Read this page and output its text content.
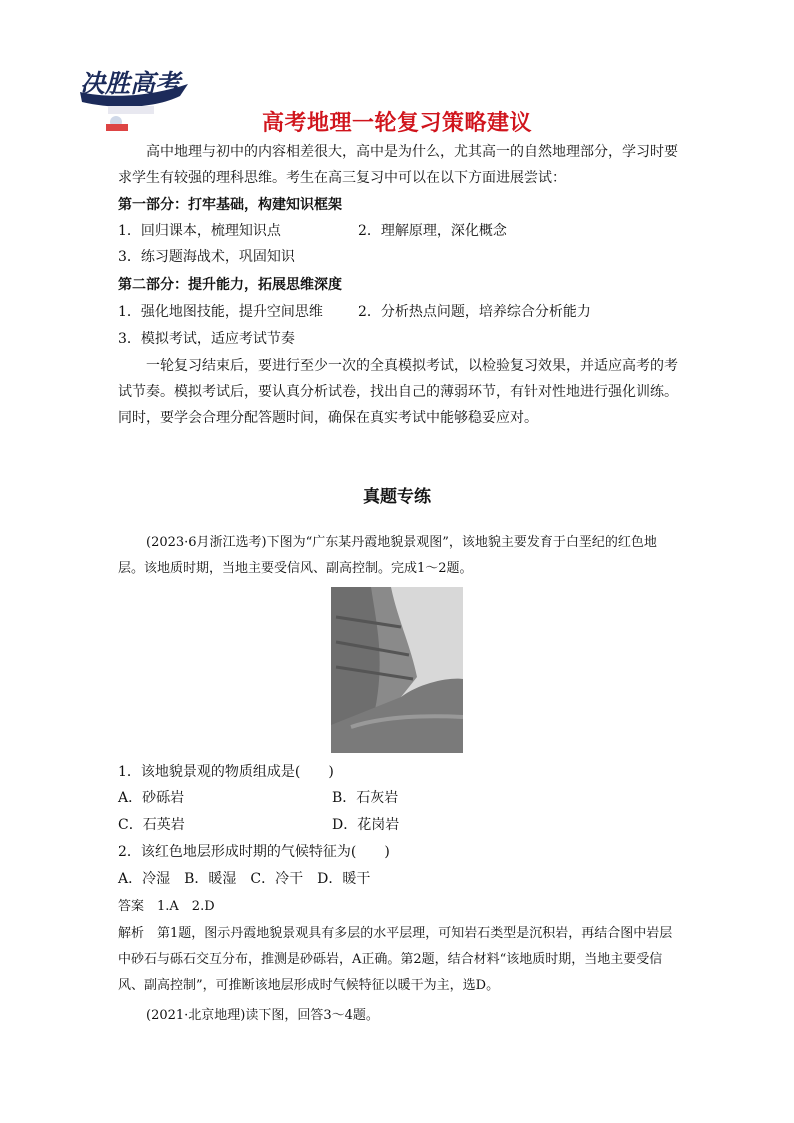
决胜高考
高考地理一轮复习策略建议
高中地理与初中的内容相差很大，高中是为什么，尤其高一的自然地理部分，学习时要求学生有较强的理科思维。考生在高三复习中可以在以下方面进展尝试：
第一部分：打牢基础，构建知识框架
1．回归课本，梳理知识点	2．理解原理，深化概念
3．练习题海战术，巩固知识
第二部分：提升能力，拓展思维深度
1．强化地图技能，提升空间思维	2．分析热点问题，培养综合分析能力
3．模拟考试，适应考试节奏
一轮复习结束后，要进行至少一次的全真模拟考试，以检验复习效果，并适应高考的考试节奏。模拟考试后，要认真分析试卷，找出自己的薄弱环节，有针对性地进行强化训练。同时，要学会合理分配答题时间，确保在真实考试中能够稳妥应对。
真题专练
(2023·6月浙江选考)下图为“广东某丹霞地貌景观图”，该地貌主要发育于白垩纪的红色地层。该地质时期，当地主要受信风、副高控制。完成1～2题。
1．该地貌景观的物质组成是(　　)
A．砂砾岩	B．石灰岩
C．石英岩	D．花岗岩
2．该红色地层形成时期的气候特征为(　　)
A．冷湿　B．暖湿　C．冷干　D．暖干
答案　1.A　2.D
解析　第1题，图示丹霞地貌景观具有多层的水平层理，可知岩石类型是沉积岩，再结合图中岩层中砂石与砾石交互分布，推测是砂砾岩，A正确。第2题，结合材料“该地质时期，当地主要受信风、副高控制”，可推断该地层形成时气候特征以暖干为主，选D。
(2021·北京地理)读下图，回答3～4题。
